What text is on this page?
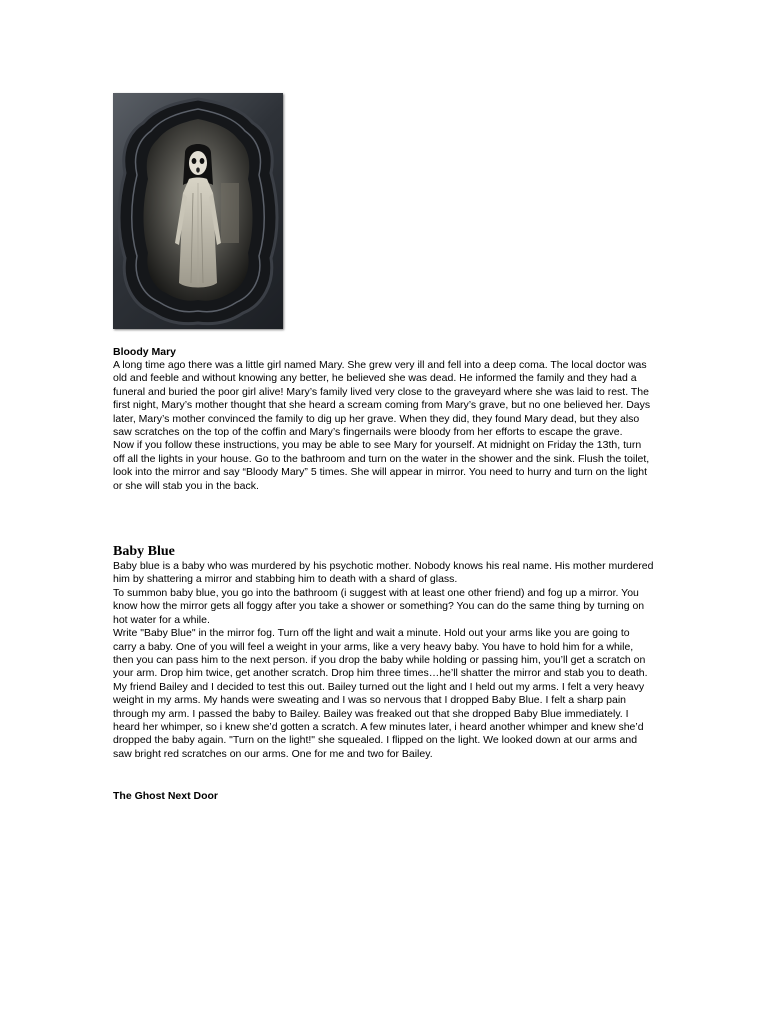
Bloody Mary

A long time ago there was a little girl named Mary. She grew very ill and fell into a deep coma. The local doctor was old and feeble and without knowing any better, he believed she was dead. He informed the family and they had a funeral and buried the poor girl alive! Mary’s family lived very close to the graveyard where she was laid to rest. The first night, Mary’s mother thought that she heard a scream coming from Mary’s grave, but no one believed her. Days later, Mary’s mother convinced the family to dig up her grave. When they did, they found Mary dead, but they also saw scratches on the top of the coffin and Mary’s fingernails were bloody from her efforts to escape the grave.

Now if you follow these instructions, you may be able to see Mary for yourself. At midnight on Friday the 13th, turn off all the lights in your house. Go to the bathroom and turn on the water in the shower and the sink. Flush the toilet, look into the mirror and say “Bloody Mary” 5 times. She will appear in mirror. You need to hurry and turn on the light or she will stab you in the back.

Baby Blue

Baby blue is a baby who was murdered by his psychotic mother. Nobody knows his real name. His mother murdered him by shattering a mirror and stabbing him to death with a shard of glass.

To summon baby blue, you go into the bathroom (i suggest with at least one other friend) and fog up a mirror. You know how the mirror gets all foggy after you take a shower or something? You can do the same thing by turning on hot water for a while.

Write "Baby Blue" in the mirror fog. Turn off the light and wait a minute. Hold out your arms like you are going to carry a baby. One of you will feel a weight in your arms, like a very heavy baby. You have to hold him for a while, then you can pass him to the next person. if you drop the baby while holding or passing him, you’ll get a scratch on your arm. Drop him twice, get another scratch. Drop him three times…he’ll shatter the mirror and stab you to death.

My friend Bailey and I decided to test this out. Bailey turned out the light and I held out my arms. I felt a very heavy weight in my arms. My hands were sweating and I was so nervous that I dropped Baby Blue. I felt a sharp pain through my arm. I passed the baby to Bailey. Bailey was freaked out that she dropped Baby Blue immediately. I heard her whimper, so i knew she’d gotten a scratch. A few minutes later, i heard another whimper and knew she’d dropped the baby again. "Turn on the light!" she squealed. I flipped on the light. We looked down at our arms and saw bright red scratches on our arms. One for me and two for Bailey.

The Ghost Next Door
